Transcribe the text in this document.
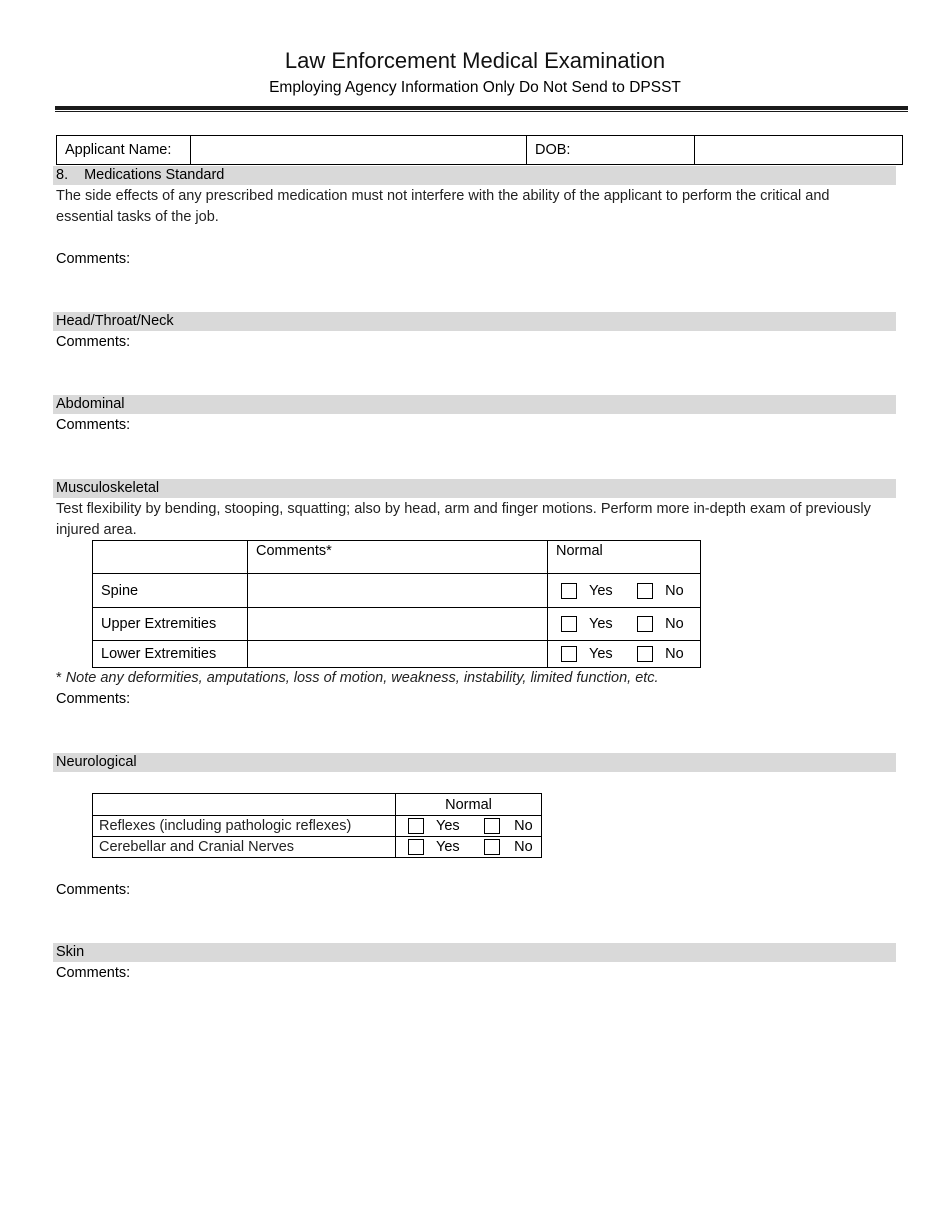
Law Enforcement Medical Examination
Employing Agency Information Only Do Not Send to DPSST
Applicant Name:		DOB:	
8. Medications Standard
The side effects of any prescribed medication must not interfere with the ability of the applicant to perform the critical and essential tasks of the job.
Comments:
Head/Throat/Neck
Comments:
Abdominal
Comments:
Musculoskeletal
Test flexibility by bending, stooping, squatting; also by head, arm and finger motions. Perform more in-depth exam of previously injured area.
	Comments*	Normal
Spine		Yes No
Upper Extremities		Yes No
Lower Extremities		Yes No
* Note any deformities, amputations, loss of motion, weakness, instability, limited function, etc.
Comments:
Neurological
	Normal
Reflexes (including pathologic reflexes)	Yes No
Cerebellar and Cranial Nerves	Yes No
Comments:
Skin
Comments:
